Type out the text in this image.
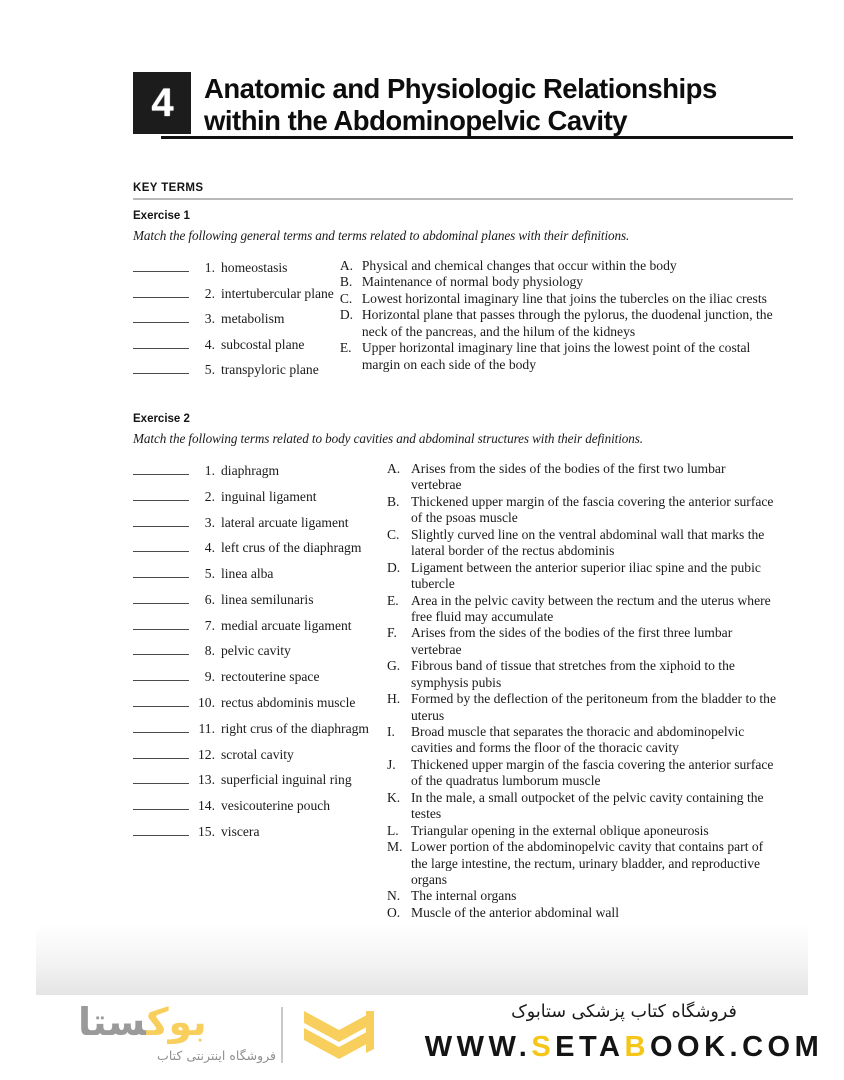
4 Anatomic and Physiologic Relationships
within the Abdominopelvic Cavity
KEY TERMS
Exercise 1
Match the following general terms and terms related to abdominal planes with their definitions.
1. homeostasis
2. intertubercular plane
3. metabolism
4. subcostal plane
5. transpyloric plane
A. Physical and chemical changes that occur within the body
B. Maintenance of normal body physiology
C. Lowest horizontal imaginary line that joins the tubercles on the iliac crests
D. Horizontal plane that passes through the pylorus, the duodenal junction, the neck of the pancreas, and the hilum of the kidneys
E. Upper horizontal imaginary line that joins the lowest point of the costal margin on each side of the body
Exercise 2
Match the following terms related to body cavities and abdominal structures with their definitions.
1. diaphragm
2. inguinal ligament
3. lateral arcuate ligament
4. left crus of the diaphragm
5. linea alba
6. linea semilunaris
7. medial arcuate ligament
8. pelvic cavity
9. rectouterine space
10. rectus abdominis muscle
11. right crus of the diaphragm
12. scrotal cavity
13. superficial inguinal ring
14. vesicouterine pouch
15. viscera
A. Arises from the sides of the bodies of the first two lumbar vertebrae
B. Thickened upper margin of the fascia covering the anterior surface of the psoas muscle
C. Slightly curved line on the ventral abdominal wall that marks the lateral border of the rectus abdominis
D. Ligament between the anterior superior iliac spine and the pubic tubercle
E. Area in the pelvic cavity between the rectum and the uterus where free fluid may accumulate
F.	Arises from the sides of the bodies of the first three lumbar vertebrae
G. Fibrous band of tissue that stretches from the xiphoid to the symphysis pubis
H. Formed by the deflection of the peritoneum from the bladder to the uterus
I.	Broad muscle that separates the thoracic and abdominopelvic cavities and forms the floor of the thoracic cavity
J.	Thickened upper margin of the fascia covering the anterior surface of the quadratus lumborum muscle
K. In the male, a small outpocket of the pelvic cavity containing the testes
L. Triangular opening in the external oblique aponeurosis
M. Lower portion of the abdominopelvic cavity that contains part of the large intestine, the rectum, urinary bladder, and reproductive organs
N. The internal organs
O. Muscle of the anterior abdominal wall
بوکستا
فروشگاه اینترنتی کتاب
فروشگاه کتاب پزشکی ستابوک
WWW.SETABOOK.COM
